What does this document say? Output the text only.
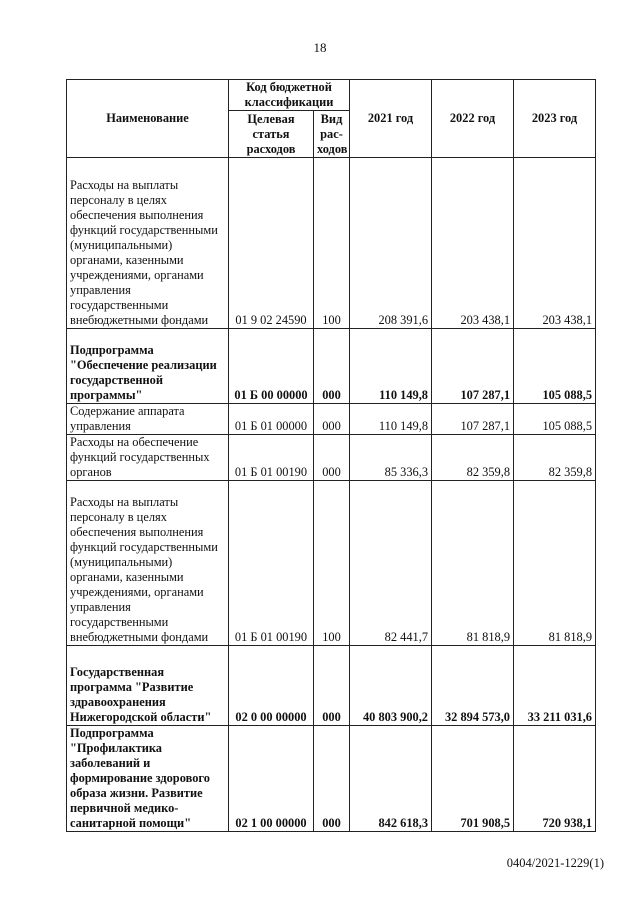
18
Наименование	Код бюджетной классификации		2021 год	2022 год	2023 год
	Целевая статья расходов	Вид рас-ходов			
Расходы на выплаты персоналу в целях обеспечения выполнения функций государственными (муниципальными) органами, казенными учреждениями, органами управления государственными внебюджетными фондами	01 9 02 24590	100	208 391,6	203 438,1	203 438,1
Подпрограмма "Обеспечение реализации государственной программы"	01 Б 00 00000	000	110 149,8	107 287,1	105 088,5
Содержание аппарата управления	01 Б 01 00000	000	110 149,8	107 287,1	105 088,5
Расходы на обеспечение функций государственных органов	01 Б 01 00190	000	85 336,3	82 359,8	82 359,8
Расходы на выплаты персоналу в целях обеспечения выполнения функций государственными (муниципальными) органами, казенными учреждениями, органами управления государственными внебюджетными фондами	01 Б 01 00190	100	82 441,7	81 818,9	81 818,9
Государственная программа "Развитие здравоохранения Нижегородской области"	02 0 00 00000	000	40 803 900,2	32 894 573,0	33 211 031,6
Подпрограмма "Профилактика заболеваний и формирование здорового образа жизни. Развитие первичной медико-санитарной помощи"	02 1 00 00000	000	842 618,3	701 908,5	720 938,1
0404/2021-1229(1)
